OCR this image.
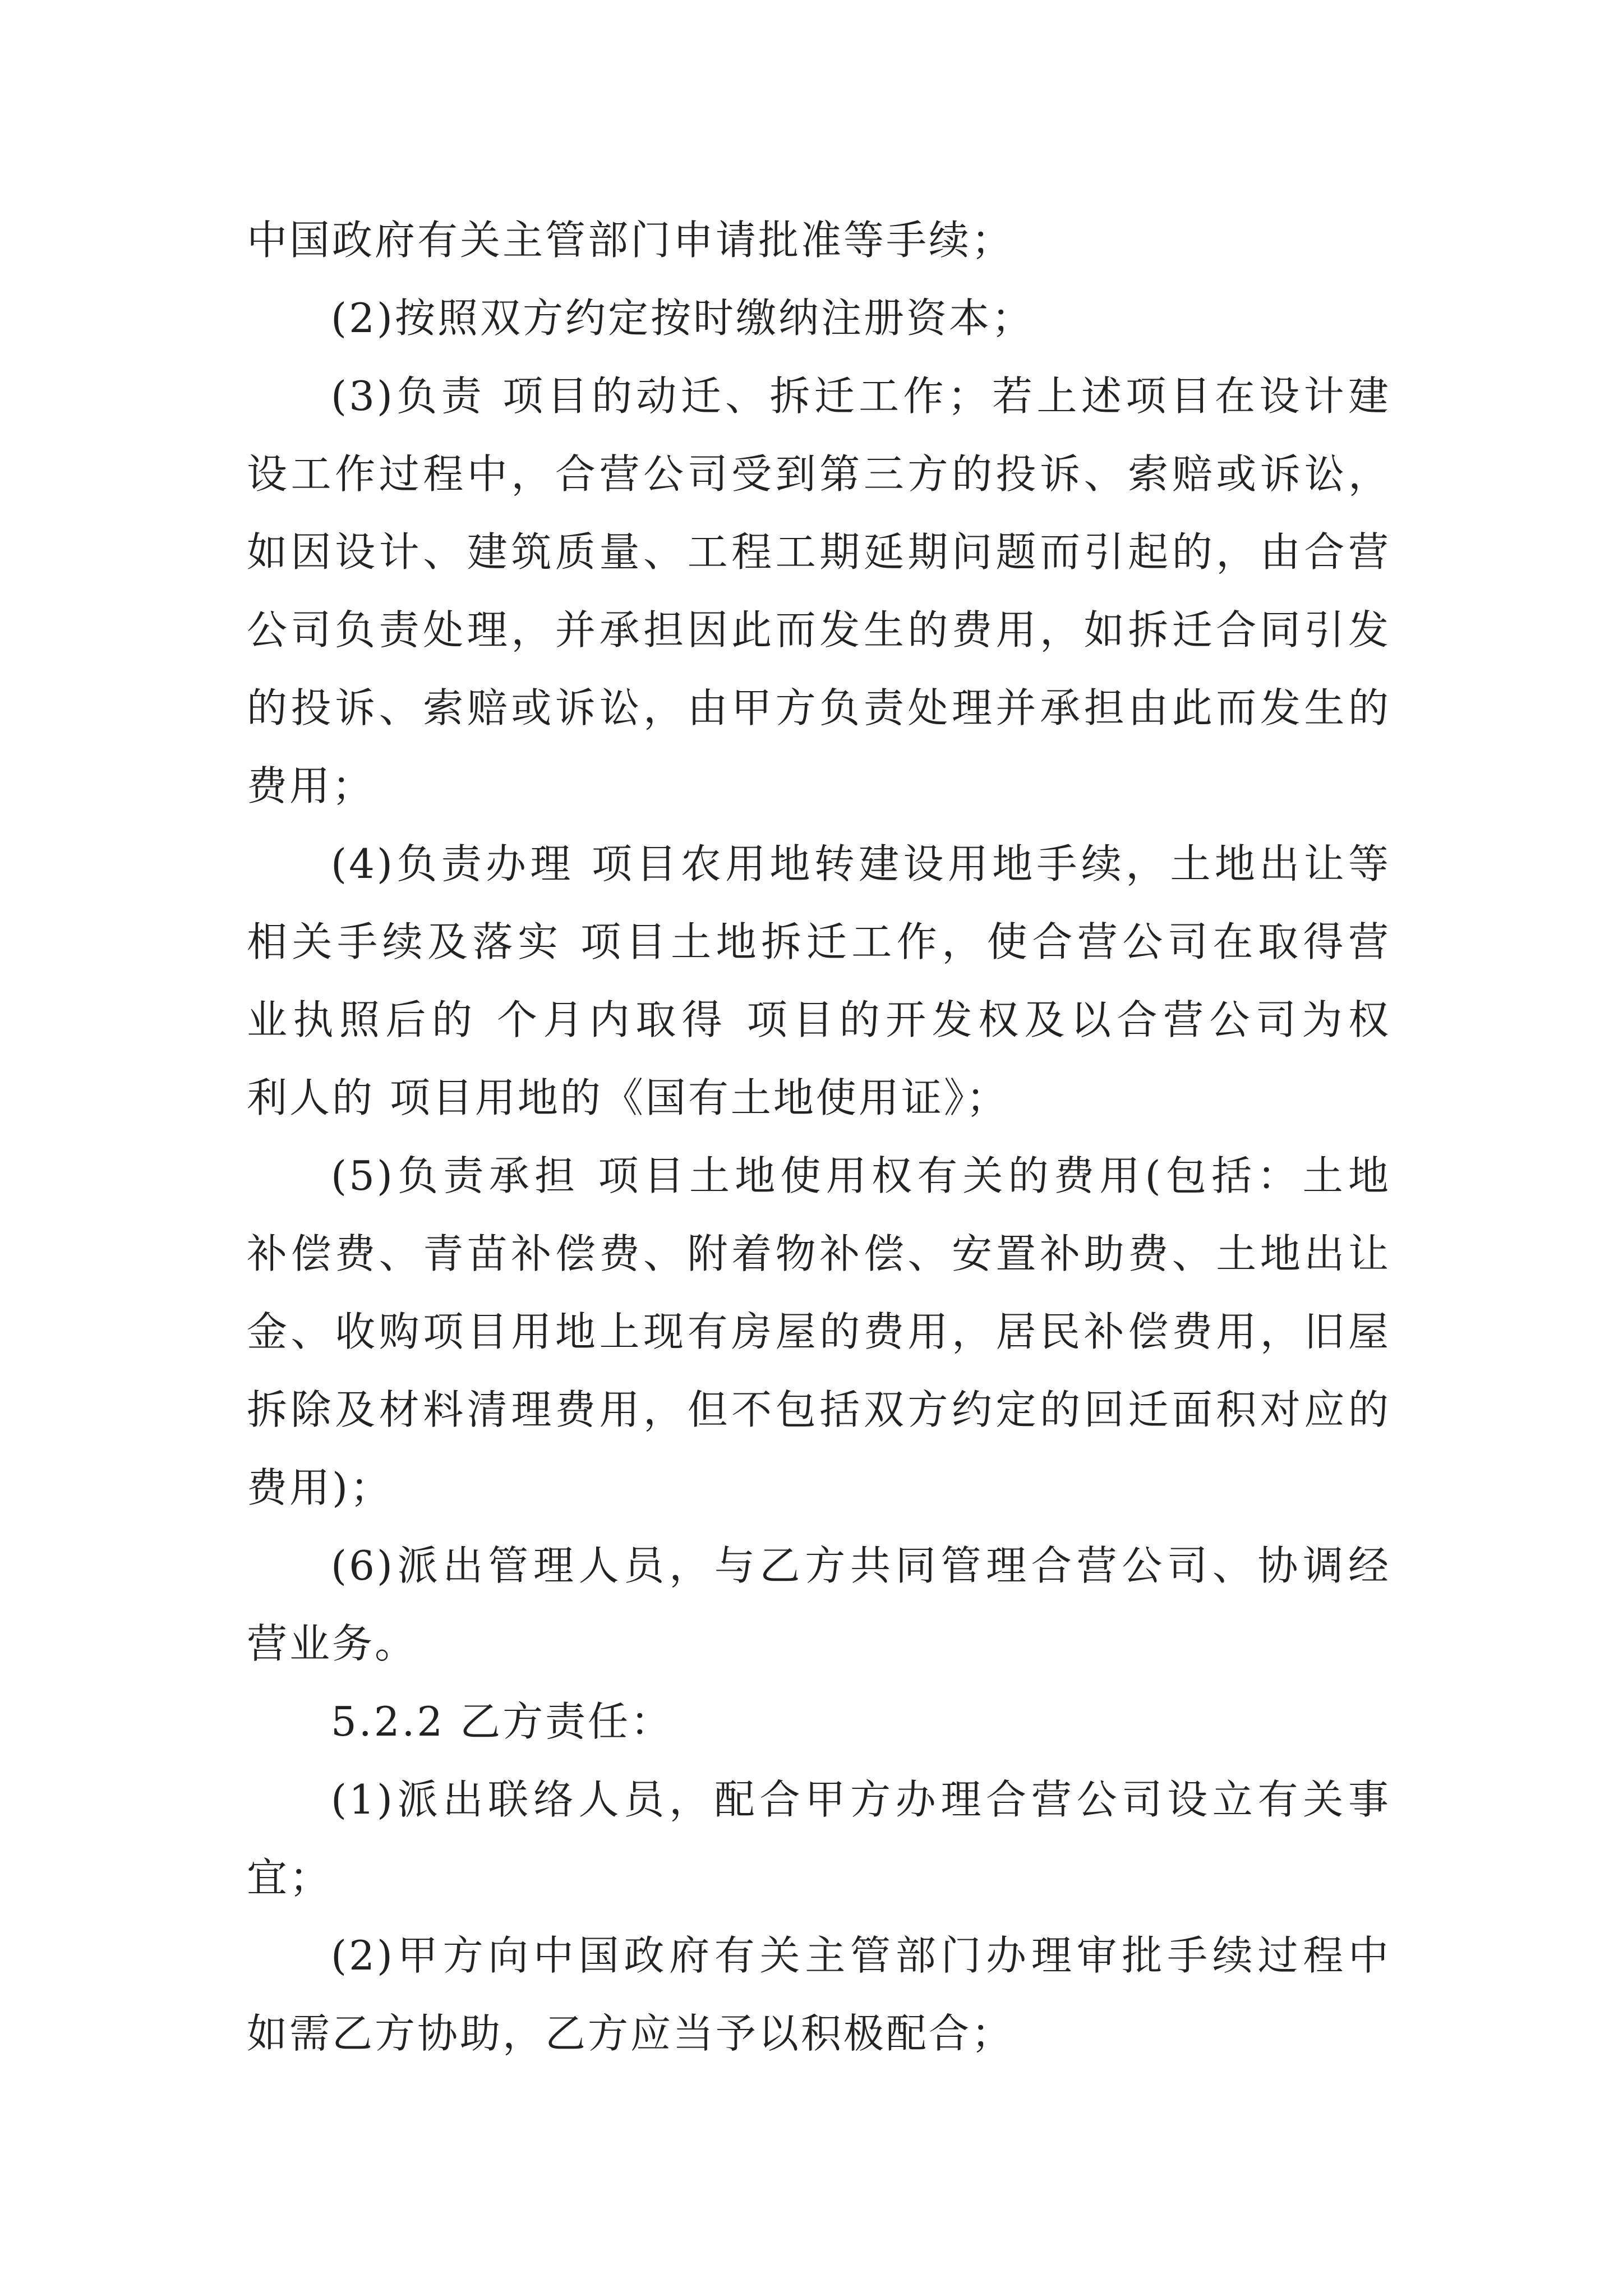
中国政府有关主管部门申请批准等手续；
(2)按照双方约定按时缴纳注册资本；
(3)负责 项目的动迁、拆迁工作；若上述项目在设计建
设工作过程中，合营公司受到第三方的投诉、索赔或诉讼，
如因设计、建筑质量、工程工期延期问题而引起的，由合营
公司负责处理，并承担因此而发生的费用，如拆迁合同引发
的投诉、索赔或诉讼，由甲方负责处理并承担由此而发生的
费用；
(4)负责办理 项目农用地转建设用地手续，土地出让等
相关手续及落实 项目土地拆迁工作，使合营公司在取得营
业执照后的 个月内取得 项目的开发权及以合营公司为权
利人的 项目用地的《国有土地使用证》；
(5)负责承担 项目土地使用权有关的费用(包括：土地
补偿费、青苗补偿费、附着物补偿、安置补助费、土地出让
金、收购项目用地上现有房屋的费用，居民补偿费用，旧屋
拆除及材料清理费用，但不包括双方约定的回迁面积对应的
费用)；
(6)派出管理人员，与乙方共同管理合营公司、协调经
营业务。
5.2.2 乙方责任：
(1)派出联络人员，配合甲方办理合营公司设立有关事
宜；
(2)甲方向中国政府有关主管部门办理审批手续过程中
如需乙方协助，乙方应当予以积极配合；
